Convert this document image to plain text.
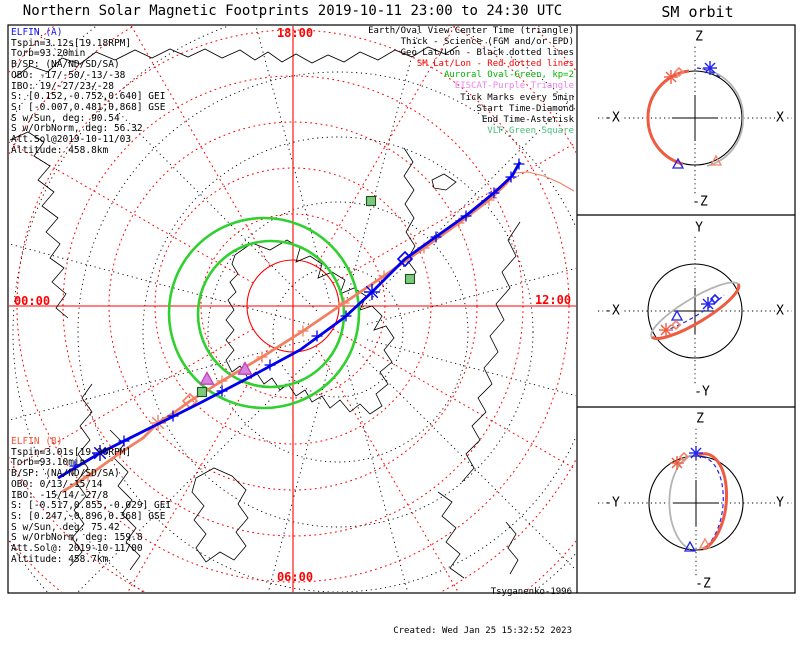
Northern Solar Magnetic Footprints 2019-10-11 23:00 to 24:30 UTC	SM orbit
ELFIN (A)
Tspin=3.12s[19.18RPM]
Torb=93.20min
B/SP: (NA/ND/SD/SA)
OBO: -17/-50/-13/-38
IBO: 19/-27/23/-28
S: [0.152,-0.752,0.640] GEI
S: [-0.007,0.481,0.868] GSE
S w/Sun, deg: 90.54
S w/OrbNorm, deg: 56.32
Att.Sol@2019-10-11/03
Altitude: 458.8km
ELFIN (B)
Tspin=3.01s[19.90RPM]
Torb=93.10min
B/SP: (NA/ND/SD/SA)
OBO: 0/13/-15/14
IBO: -15/14/-27/8
S: [-0.517,0.855,-0.029] GEI
S: [0.247,-0.896,0.368] GSE
S w/Sun, deg: 75.42
S w/OrbNorm, deg: 159.8
Att.Sol@: 2019-10-11/00
Altitude: 458.7km
Earth/Oval View Center Time (triangle)
Thick - Science (FGM and/or EPD)
Geo Lat/Lon - Black dotted lines
SM Lat/Lon - Red dotted lines
Auroral Oval-Green, kp=2
EISCAT-Purple Triangle
Tick Marks every 5min
Start Time-Diamond
End Time-Asterisk
VLF-Green Square

Tsyganenko-1996

Created: Wed Jan 25 15:32:52 2023

18:00
00:00	12:00
06:00
Z
-Z
-X	X
Y
-Y
-X	X
Z
-Z
-Y	Y
